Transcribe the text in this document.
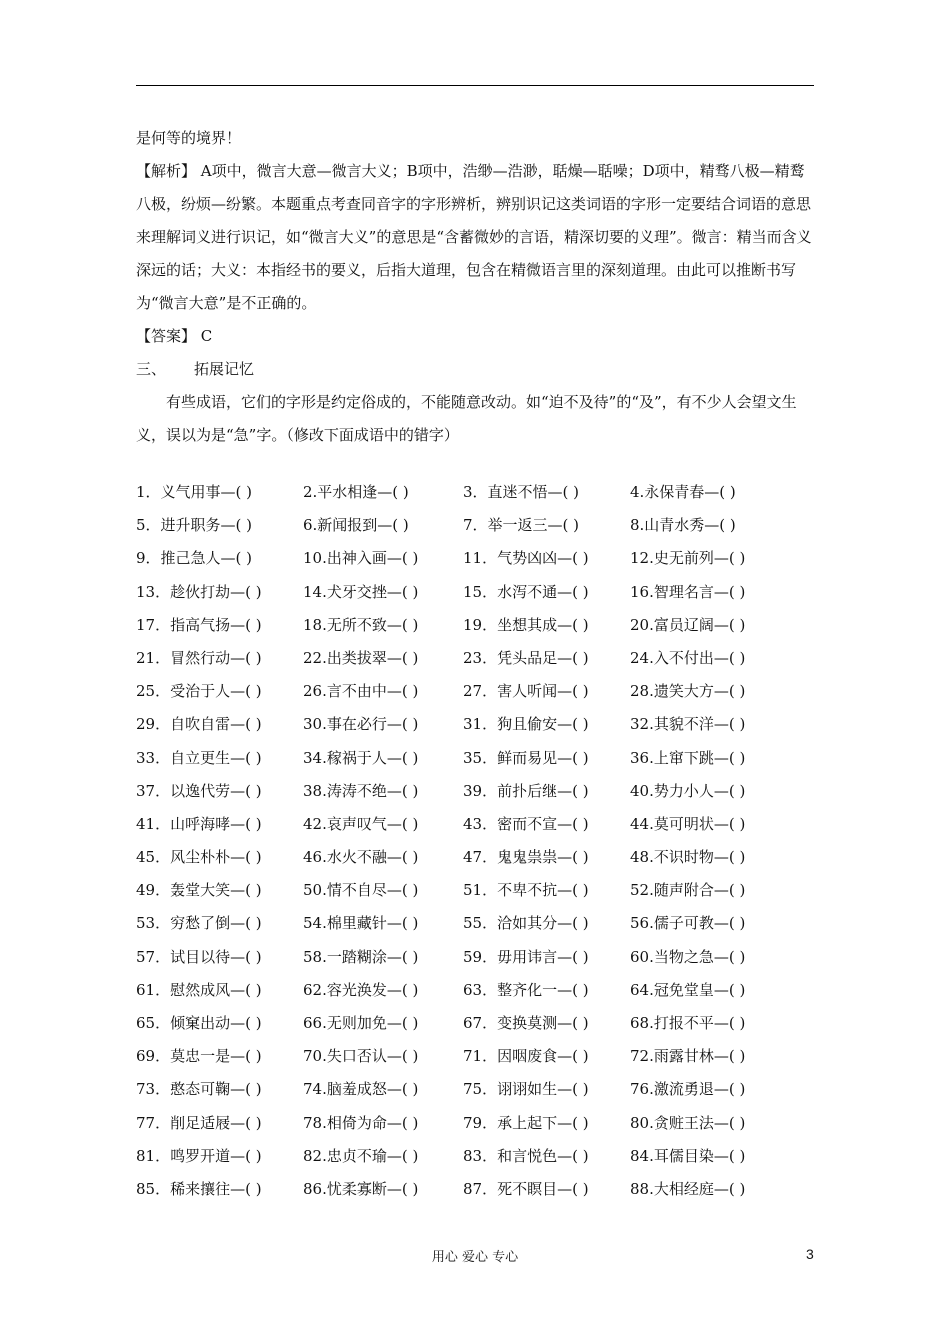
是何等的境界！

【解析】 A项中，微言大意—微言大义；B项中，浩缈—浩渺，聒燥—聒噪；D项中，精骛八极—精鹜八极，纷烦—纷繁。本题重点考查同音字的字形辨析，辨别识记这类词语的字形一定要结合词语的意思来理解词义进行识记，如“微言大义”的意思是“含蓄微妙的言语，精深切要的义理”。微言：精当而含义深远的话；大义：本指经书的要义，后指大道理，包含在精微语言里的深刻道理。由此可以推断书写为“微言大意”是不正确的。

【答案】 C

三、 拓展记忆

有些成语，它们的字形是约定俗成的，不能随意改动。如“迫不及待”的“及”，有不少人会望文生义，误以为是“急”字。（修改下面成语中的错字）

1．义气用事—( )	2.平水相逢—( )	3．直迷不悟—( )	4.永保青春—( )
5．进升职务—( )	6.新闻报到—( )	7．举一返三—( )	8.山青水秀—( )
9．推己急人—( )	10.出神入画—( )	11．气势凶凶—( )	12.史无前列—( )
13．趁伙打劫—( )	14.犬牙交挫—( )	15．水泻不通—( )	16.智理名言—( )
17．指高气扬—( )	18.无所不致—( )	19．坐想其成—( )	20.富员辽阔—( )
21．冒然行动—( )	22.出类拔翠—( )	23．凭头品足—( )	24.入不付出—( )
25．受治于人—( )	26.言不由中—( )	27．害人听闻—( )	28.遗笑大方—( )
29．自吹自雷—( )	30.事在必行—( )	31．狗且偷安—( )	32.其貌不洋—( )
33．自立更生—( )	34.稼祸于人—( )	35．鲜而易见—( )	36.上窜下跳—( )
37．以逸代劳—( )	38.涛涛不绝—( )	39．前扑后继—( )	40.势力小人—( )
41．山呼海哮—( )	42.哀声叹气—( )	43．密而不宣—( )	44.莫可明状—( )
45．风尘朴朴—( )	46.水火不融—( )	47．鬼鬼祟祟—( )	48.不识时物—( )
49．轰堂大笑—( )	50.情不自尽—( )	51．不卑不抗—( )	52.随声附合—( )
53．穷愁了倒—( )	54.棉里藏针—( )	55．洽如其分—( )	56.儒子可教—( )
57．试目以待—( )	58.一踏糊涂—( )	59．毋用讳言—( )	60.当物之急—( )
61．慰然成风—( )	62.容光涣发—( )	63．整齐化一—( )	64.冠免堂皇—( )
65．倾窠出动—( )	66.无则加免—( )	67．变换莫测—( )	68.打报不平—( )
69．莫忠一是—( )	70.失口否认—( )	71．因咽废食—( )	72.雨露甘林—( )
73．憨态可鞠—( )	74.脑羞成怒—( )	75．诩诩如生—( )	76.激流勇退—( )
77．削足适屐—( )	78.相倚为命—( )	79．承上起下—( )	80.贪赃王法—( )
81．鸣罗开道—( )	82.忠贞不瑜—( )	83．和言悦色—( )	84.耳儒目染—( )
85．稀来攘往—( )	86.忧柔寡断—( )	87．死不瞑目—( )	88.大相经庭—( )
用心 爱心 专心	3
